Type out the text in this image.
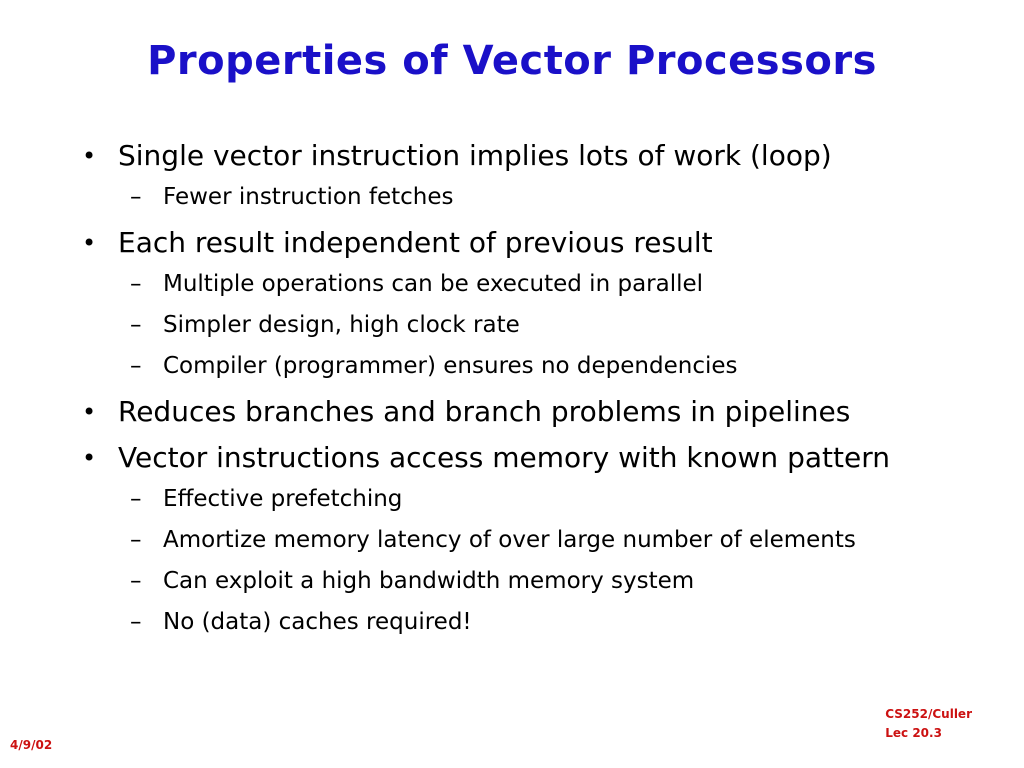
Properties of Vector Processors
• Single vector instruction implies lots of work (loop)
– Fewer instruction fetches
• Each result independent of previous result
– Multiple operations can be executed in parallel
– Simpler design, high clock rate
– Compiler (programmer) ensures no dependencies
• Reduces branches and branch problems in pipelines
• Vector instructions access memory with known pattern
– Effective prefetching
– Amortize memory latency of over large number of elements
– Can exploit a high bandwidth memory system
– No (data) caches required!
4/9/02
CS252/Culler
Lec 20.3
